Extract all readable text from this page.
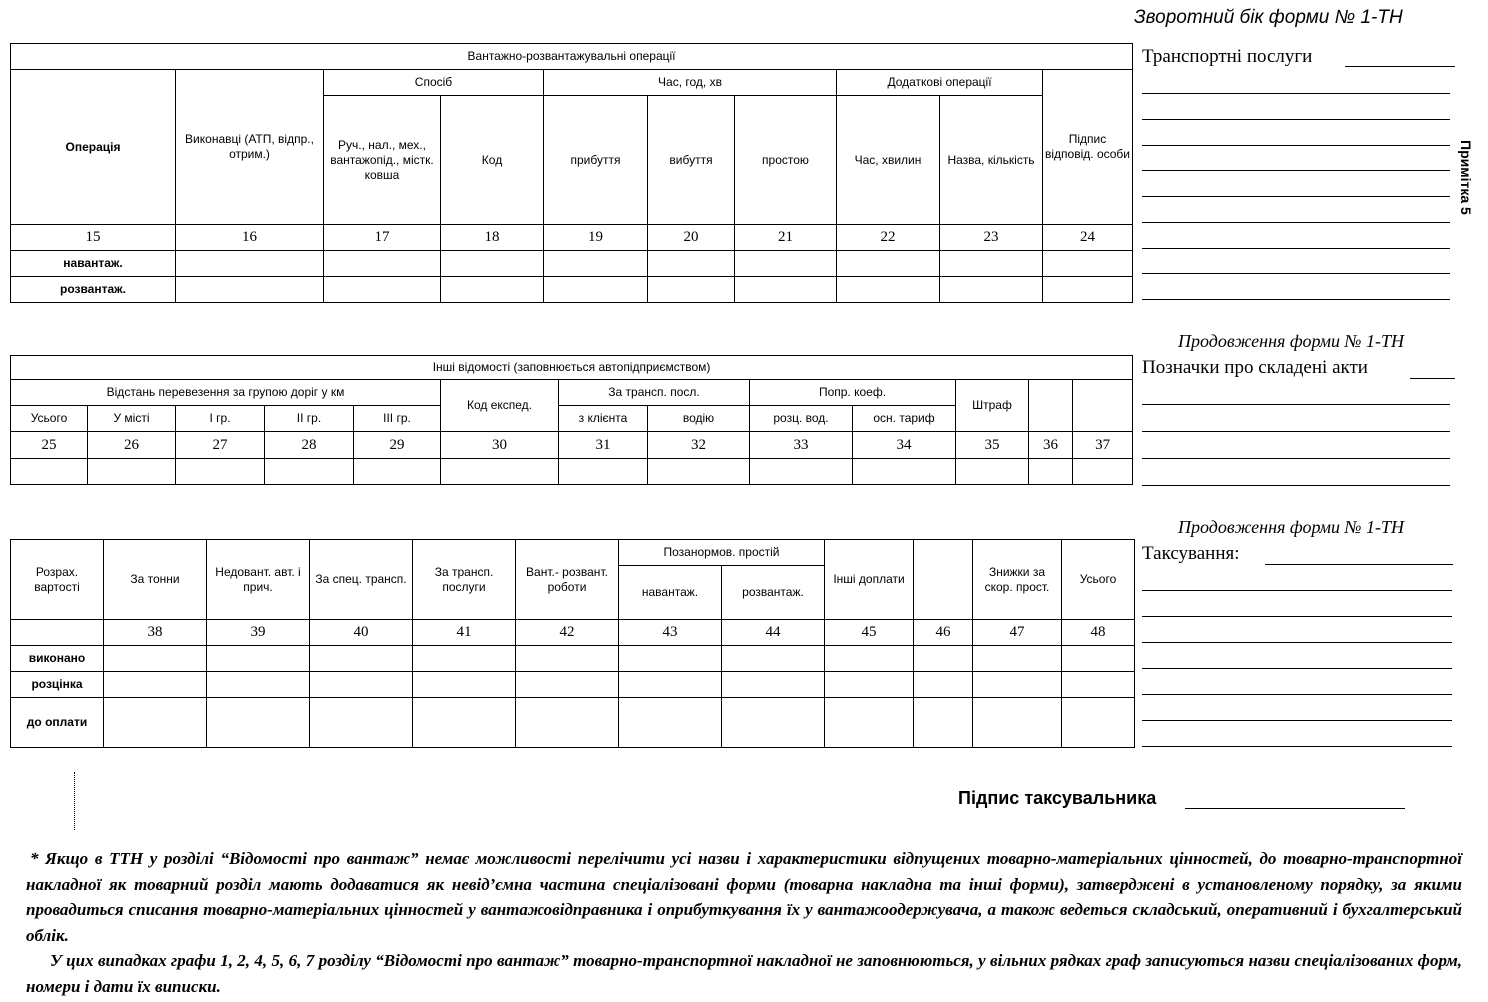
Зворотний бік форми № 1-ТН
Вантажно-розвантажувальні операції									
Операція	Виконавці (АТП, відпр., отрим.)	Спосіб		Час, год, хв			Додаткові операції		Підпис відповід. особи
		Руч., нал., мех., вантажопід., містк. ковша	Код	прибуття	вибуття	простою	Час, хвилин	Назва, кількість	
15	16	17	18	19	20	21	22	23	24
навантаж.									
розвантаж.									
Інші відомості (заповнюється автопідприємством)												
Відстань перевезення за групою доріг у км					Код експед.	За трансп. посл.		Попр. коеф.		Штраф		
Усього	У місті	І гр.	ІІ гр.	ІІІ гр.		з клієнта	водію	розц. вод.	осн. тариф			
25	26	27	28	29	30	31	32	33	34	35	36	37

Розрах. вартості	За тонни	Недовант. авт. і прич.	За спец. трансп.	За трансп. послуги	Вант.- розвант. роботи	Позанормов. простій		Інші доплати		Знижки за скор. прост.	Усього
						навантаж.	розвантаж.				
	38	39	40	41	42	43	44	45	46	47	48
виконано											
розцінка											
до оплати											
Транспортні послуги
Примітка 5
Продовження форми № 1-ТН
Позначки про складені акти
Продовження форми № 1-ТН
Таксування:
Підпис таксувальника
* Якщо в ТТН у розділі “Відомості про вантаж” немає можливості перелічити усі назви і характеристики відпущених товарно-матеріальних цінностей, до товарно-транспортної накладної як товарний розділ мають додаватися як невід’ємна частина спеціалізовані форми (товарна накладна та інші форми), затверджені в установленому порядку, за якими провадиться списання товарно-матеріальних цінностей у вантажовідправника і оприбуткування їх у вантажоодержувача, а також ведеться складський, оперативний і бухгалтерський облік.
У цих випадках графи 1, 2, 4, 5, 6, 7 розділу “Відомості про вантаж” товарно-транспортної накладної не заповнюються, у вільних рядках граф записуються назви спеціалізованих форм, номери і дати їх виписки.
